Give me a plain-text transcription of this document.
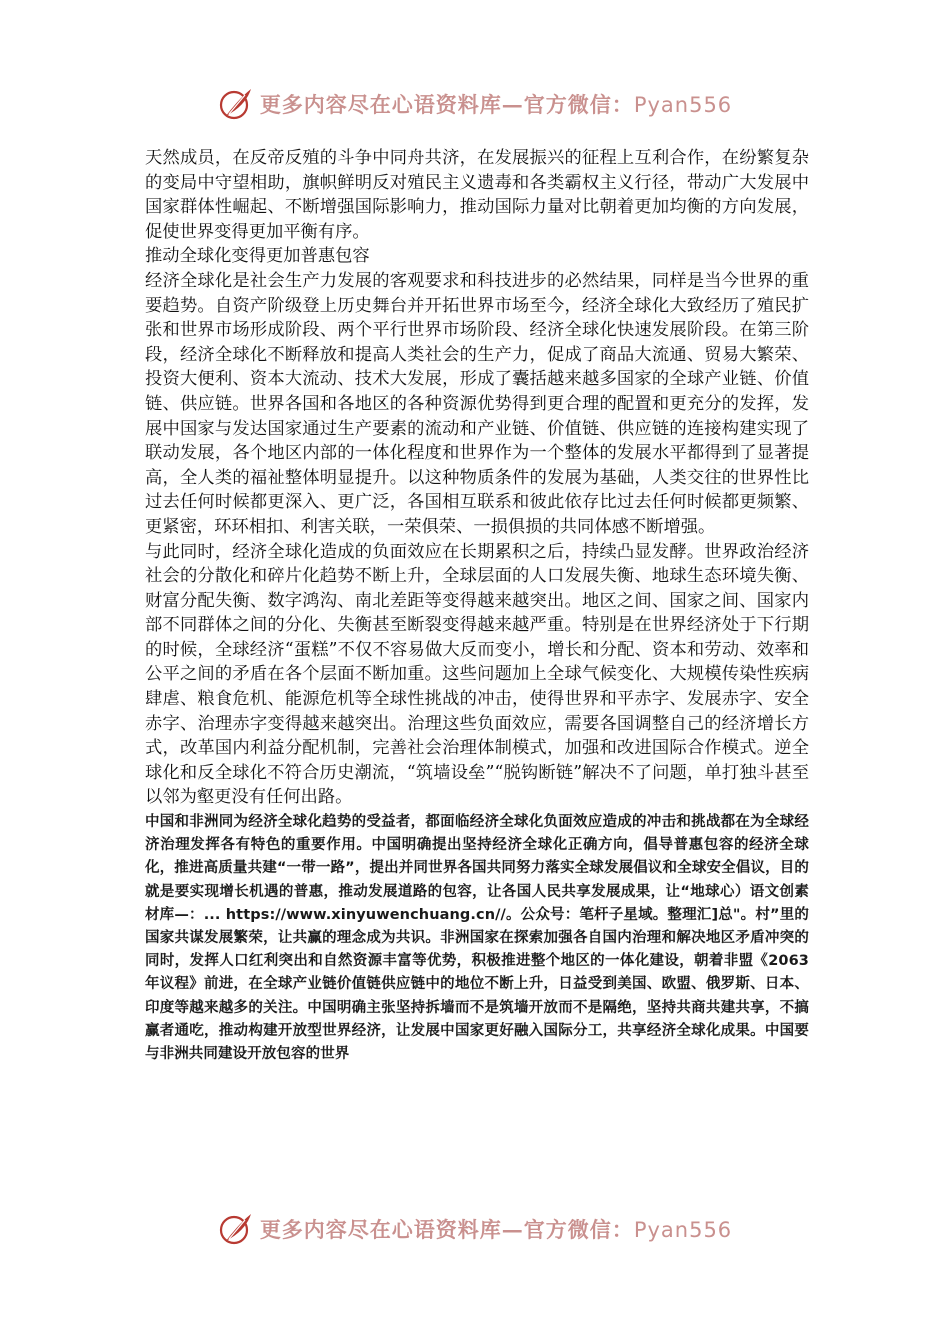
更多内容尽在心语资料库—官方微信：Pyan556

天然成员，在反帝反殖的斗争中同舟共济，在发展振兴的征程上互利合作，在纷繁复杂的变局中守望相助，旗帜鲜明反对殖民主义遗毒和各类霸权主义行径，带动广大发展中国家群体性崛起、不断增强国际影响力，推动国际力量对比朝着更加均衡的方向发展，促使世界变得更加平衡有序。

推动全球化变得更加普惠包容

经济全球化是社会生产力发展的客观要求和科技进步的必然结果，同样是当今世界的重要趋势。自资产阶级登上历史舞台并开拓世界市场至今，经济全球化大致经历了殖民扩张和世界市场形成阶段、两个平行世界市场阶段、经济全球化快速发展阶段。在第三阶段，经济全球化不断释放和提高人类社会的生产力，促成了商品大流通、贸易大繁荣、投资大便利、资本大流动、技术大发展，形成了囊括越来越多国家的全球产业链、价值链、供应链。世界各国和各地区的各种资源优势得到更合理的配置和更充分的发挥，发展中国家与发达国家通过生产要素的流动和产业链、价值链、供应链的连接构建实现了联动发展，各个地区内部的一体化程度和世界作为一个整体的发展水平都得到了显著提高，全人类的福祉整体明显提升。以这种物质条件的发展为基础，人类交往的世界性比过去任何时候都更深入、更广泛，各国相互联系和彼此依存比过去任何时候都更频繁、更紧密，环环相扣、利害关联，一荣俱荣、一损俱损的共同体感不断增强。

与此同时，经济全球化造成的负面效应在长期累积之后，持续凸显发酵。世界政治经济社会的分散化和碎片化趋势不断上升，全球层面的人口发展失衡、地球生态环境失衡、财富分配失衡、数字鸿沟、南北差距等变得越来越突出。地区之间、国家之间、国家内部不同群体之间的分化、失衡甚至断裂变得越来越严重。特别是在世界经济处于下行期的时候，全球经济“蛋糕”不仅不容易做大反而变小，增长和分配、资本和劳动、效率和公平之间的矛盾在各个层面不断加重。这些问题加上全球气候变化、大规模传染性疾病肆虐、粮食危机、能源危机等全球性挑战的冲击，使得世界和平赤字、发展赤字、安全赤字、治理赤字变得越来越突出。治理这些负面效应，需要各国调整自己的经济增长方式，改革国内利益分配机制，完善社会治理体制模式，加强和改进国际合作模式。逆全球化和反全球化不符合历史潮流，“筑墙设垒”“脱钩断链”解决不了问题，单打独斗甚至以邻为壑更没有任何出路。

中国和非洲同为经济全球化趋势的受益者，都面临经济全球化负面效应造成的冲击和挑战都在为全球经济治理发挥各有特色的重要作用。中国明确提出坚持经济全球化正确方向，倡导普惠包容的经济全球化，推进高质量共建“一带一路”，提出并同世界各国共同努力落实全球发展倡议和全球安全倡议，目的就是要实现增长机遇的普惠，推动发展道路的包容，让各国人民共享发展成果，让“地球心）语文创素材库—：... https://www.xinyuwenchuang.cn//。公众号：笔杆子星域。整理汇]总"。村”里的国家共谋发展繁荣，让共赢的理念成为共识。非洲国家在探索加强各自国内治理和解决地区矛盾冲突的同时，发挥人口红利突出和自然资源丰富等优势，积极推进整个地区的一体化建设，朝着非盟《2063年议程》前进，在全球产业链价值链供应链中的地位不断上升，日益受到美国、欧盟、俄罗斯、日本、印度等越来越多的关注。中国明确主张坚持拆墙而不是筑墙开放而不是隔绝，坚持共商共建共享，不搞赢者通吃，推动构建开放型世界经济，让发展中国家更好融入国际分工，共享经济全球化成果。中国要与非洲共同建设开放包容的世界

更多内容尽在心语资料库—官方微信：Pyan556
